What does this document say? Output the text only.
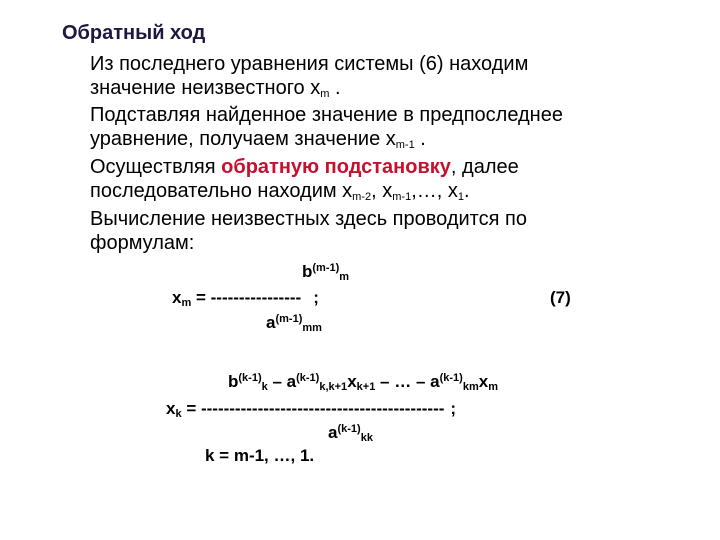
Обратный ход
Из последнего уравнения системы (6) находим
значение неизвестного $x_m$ .
Подставляя найденное значение в предпоследнее
уравнение, получаем значение $x_{m-1}$ .
Осуществляя обратную подстановку, далее
последовательно находим $x_{m-2}$, $x_{m-1},\dots$, $x_1$.
Вычисление неизвестных здесь проводится по
формулам:
$b^{(m-1)}_m$
$x_m$ = ---------------- ;
$a^{(m-1)}_{mm}$
(7)
$b^{(k-1)}_k - a^{(k-1)}_{k,k+1}x_{k+1}$ – … – $a^{(k-1)}_{km}x_m$
$x_k$ = ------------------------------------------- ;
$a^{(k-1)}_{kk}$
k = m-1, …, 1.
